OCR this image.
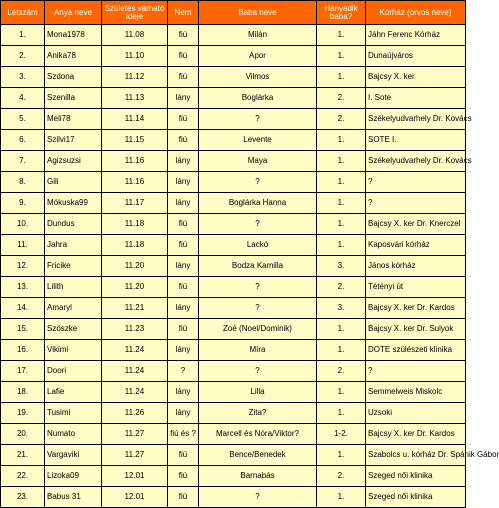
Létszám	Anya neve	Születés várható ideje	Nem	Baba neve	Hanyadik baba?	Kórház (orvos neve)
1.	Mona1978	11.08	fiú	Milán	1.	Jáhn Ferenc Kórház
2.	Anika78	11.10	fiú	Apor	1.	Dunaújváros
3.	Szdona	11.12	fiú	Vilmos	1.	Bajcsy X. ker
4.	Szenilla	11.13	lány	Boglárka	2.	I. Sote
5.	Meli78	11.14	fiú	?	2.	Székelyudvarhely Dr. Kovács
6.	Szilvi17	11.15	fiú	Levente	1.	SOTE I.
7.	Agizsuzsi	11.16	lány	Maya	1.	Székelyudvarhely Dr. Kovács
8.	Gili	11.16	lány	?	1.	?
9.	Mókuska99	11.17	lány	Boglárka Hanna	1.	?
10.	Dundus	11.18	fiú	?	1.	Bajcsy X. ker Dr. Knerczel
11.	Jahra	11.18	fiú	Lackó	1.	Kaposvári kórház
12.	Fricike	11.20	lány	Bodza Kamilla	3.	János kórház
13.	Lilith	11.20	fiú	?	2.	Tétényi út
14.	Amaryl	11.21	lány	?	3.	Bajcsy X. ker Dr. Kardos
15.	Szöszke	11.23	fiú	Zoé (Noel/Dominik)	1.	Bajcsy X. ker Dr. Sulyok
16.	Vikimi	11.24	lány	Míra	1.	DOTE szülészeti klinika
17.	Doori	11.24	?	?	2.	?
18.	Lafie	11.24	lány	Lilla	1.	Semmelweis Miskolc
19.	Tusimi	11.26	lány	Zita?	1.	Uzsoki
20.	Numato	11.27	fiú és ?	Marcell és Nóra/Viktor?	1-2.	Bajcsy X. ker Dr. Kardos
21.	Vargaviki	11.27	fiú	Bence/Benedek	1.	Szabolcs u. kórház Dr. Spánik Gábor
22.	Lizoka09	12.01	fiú	Barnabás	2.	Szeged női klinika
23.	Babus 31	12.01	fiú	?	1.	Szeged női klinika
